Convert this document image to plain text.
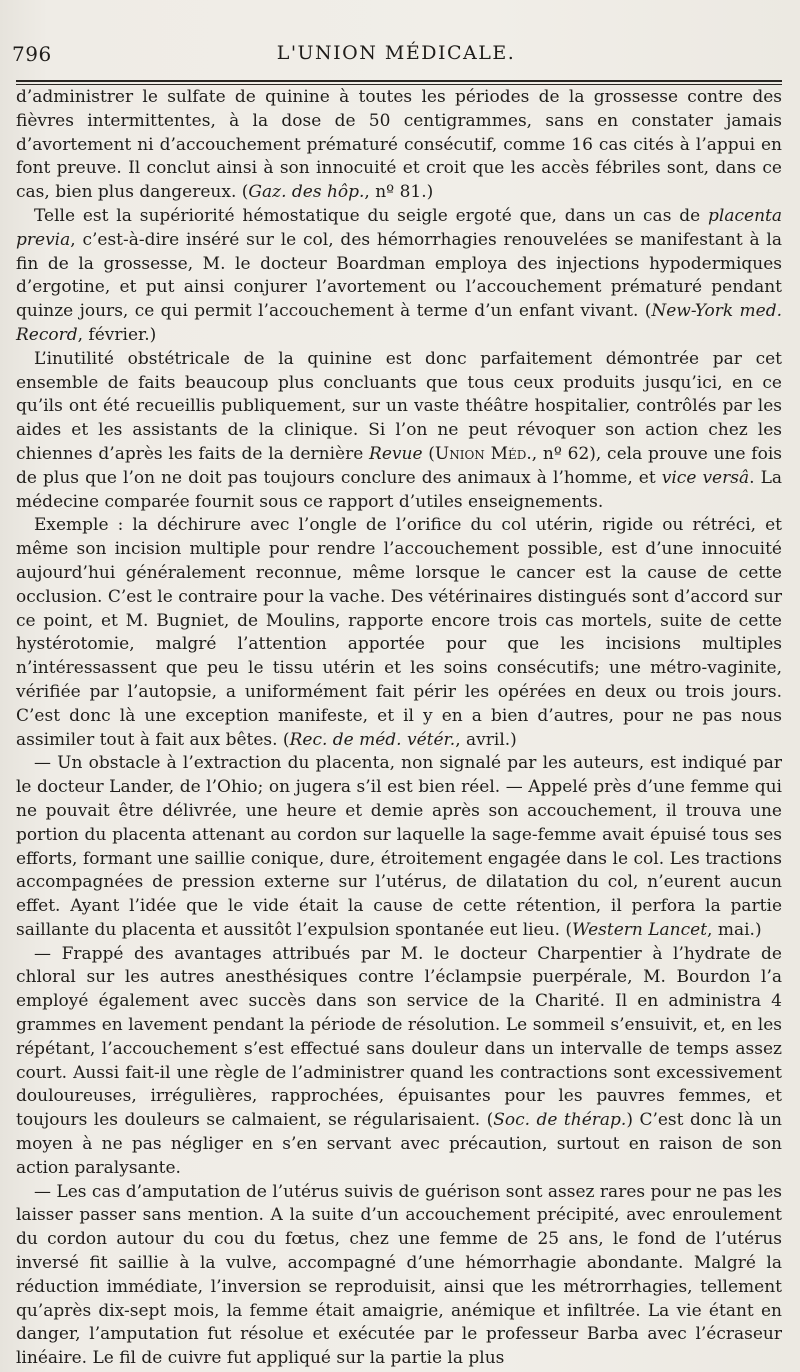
796	L'UNION MÉDICALE.

d’administrer le sulfate de quinine à toutes les périodes de la grossesse contre des fièvres intermittentes, à la dose de 50 centigrammes, sans en constater jamais d’avortement ni d’accouchement prématuré consécutif, comme 16 cas cités à l’appui en font preuve. Il conclut ainsi à son innocuité et croit que les accès fébriles sont, dans ce cas, bien plus dangereux. (Gaz. des hôp., nº 81.)

Telle est la supériorité hémostatique du seigle ergoté que, dans un cas de placenta previa, c’est-à-dire inséré sur le col, des hémorrhagies renouvelées se manifestant à la fin de la grossesse, M. le docteur Boardman employa des injections hypodermiques d’ergotine, et put ainsi conjurer l’avortement ou l’accouchement prématuré pendant quinze jours, ce qui permit l’accouchement à terme d’un enfant vivant. (New-York med. Record, février.)

L’inutilité obstétricale de la quinine est donc parfaitement démontrée par cet ensemble de faits beaucoup plus concluants que tous ceux produits jusqu’ici, en ce qu’ils ont été recueillis publiquement, sur un vaste théâtre hospitalier, contrôlés par les aides et les assistants de la clinique. Si l’on ne peut révoquer son action chez les chiennes d’après les faits de la dernière Revue (Union Méd., nº 62), cela prouve une fois de plus que l’on ne doit pas toujours conclure des animaux à l’homme, et vice versâ. La médecine comparée fournit sous ce rapport d’utiles enseignements.

Exemple : la déchirure avec l’ongle de l’orifice du col utérin, rigide ou rétréci, et même son incision multiple pour rendre l’accouchement possible, est d’une innocuité aujourd’hui généralement reconnue, même lorsque le cancer est la cause de cette occlusion. C’est le contraire pour la vache. Des vétérinaires distingués sont d’accord sur ce point, et M. Bugniet, de Moulins, rapporte encore trois cas mortels, suite de cette hystérotomie, malgré l’attention apportée pour que les incisions multiples n’intéressassent que peu le tissu utérin et les soins consécutifs; une métro-vaginite, vérifiée par l’autopsie, a uniformément fait périr les opérées en deux ou trois jours. C’est donc là une exception manifeste, et il y en a bien d’autres, pour ne pas nous assimiler tout à fait aux bêtes. (Rec. de méd. vétér., avril.)

— Un obstacle à l’extraction du placenta, non signalé par les auteurs, est indiqué par le docteur Lander, de l’Ohio; on jugera s’il est bien réel. — Appelé près d’une femme qui ne pouvait être délivrée, une heure et demie après son accouchement, il trouva une portion du placenta attenant au cordon sur laquelle la sage-femme avait épuisé tous ses efforts, formant une saillie conique, dure, étroitement engagée dans le col. Les tractions accompagnées de pression externe sur l’utérus, de dilatation du col, n’eurent aucun effet. Ayant l’idée que le vide était la cause de cette rétention, il perfora la partie saillante du placenta et aussitôt l’expulsion spontanée eut lieu. (Western Lancet, mai.)

— Frappé des avantages attribués par M. le docteur Charpentier à l’hydrate de chloral sur les autres anesthésiques contre l’éclampsie puerpérale, M. Bourdon l’a employé également avec succès dans son service de la Charité. Il en administra 4 grammes en lavement pendant la période de résolution. Le sommeil s’ensuivit, et, en les répétant, l’accouchement s’est effectué sans douleur dans un intervalle de temps assez court. Aussi fait-il une règle de l’administrer quand les contractions sont excessivement douloureuses, irrégulières, rapprochées, épuisantes pour les pauvres femmes, et toujours les douleurs se calmaient, se régularisaient. (Soc. de thérap.) C’est donc là un moyen à ne pas négliger en s’en servant avec précaution, surtout en raison de son action paralysante.

— Les cas d’amputation de l’utérus suivis de guérison sont assez rares pour ne pas les laisser passer sans mention. A la suite d’un accouchement précipité, avec enroulement du cordon autour du cou du fœtus, chez une femme de 25 ans, le fond de l’utérus inversé fit saillie à la vulve, accompagné d’une hémorrhagie abondante. Malgré la réduction immédiate, l’inversion se reproduisit, ainsi que les métrorrhagies, tellement qu’après dix-sept mois, la femme était amaigrie, anémique et infiltrée. La vie étant en danger, l’amputation fut résolue et exécutée par le professeur Barba avec l’écraseur linéaire. Le fil de cuivre fut appliqué sur la partie la plus
